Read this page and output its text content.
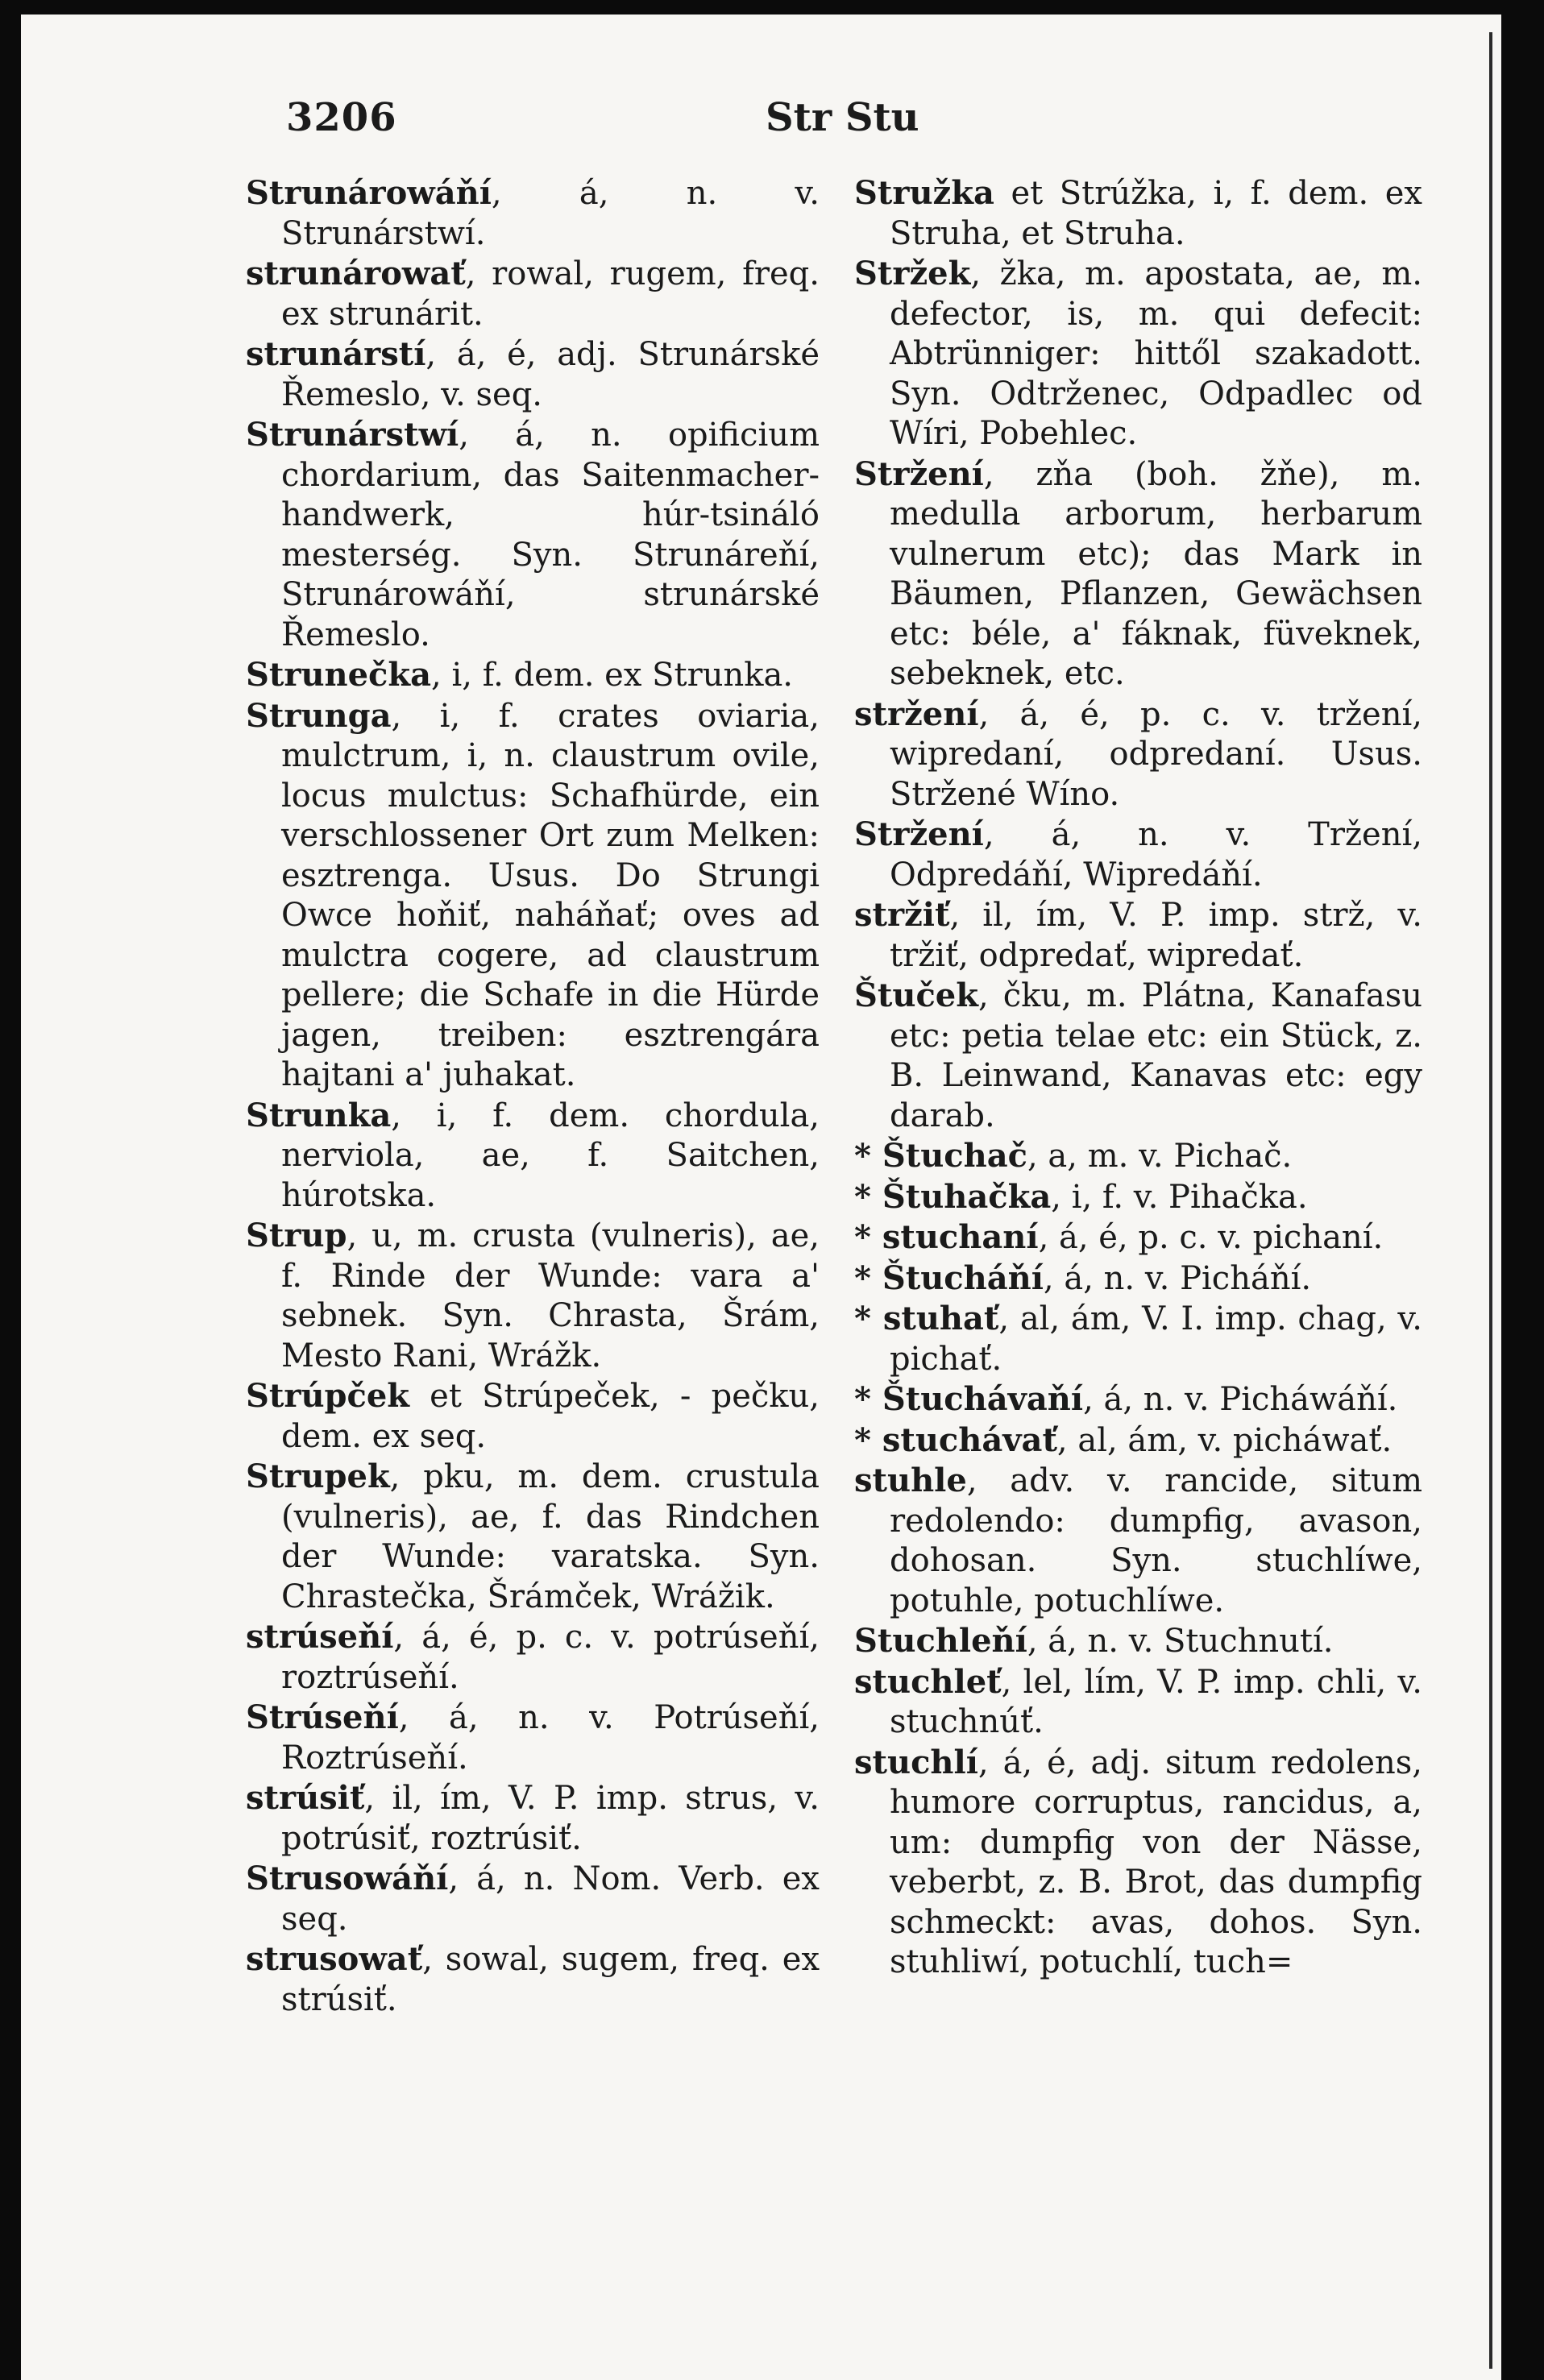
3206	Str Stu

Strunárowáňí, á, n. v. Strunárstwí.

strunárowať, rowal, rugem, freq. ex strunárit.

strunárstí, á, é, adj. Strunárské Řemeslo, v. seq.

Strunárstwí, á, n. opificium chordarium, das Saitenmacher-handwerk, húr-tsináló mesterség. Syn. Strunáreňí, Strunárowáňí, strunárské Řemeslo.

Strunečka, i, f. dem. ex Strunka.

Strunga, i, f. crates oviaria, mulctrum, i, n. claustrum ovile, locus mulctus: Schafhürde, ein verschlossener Ort zum Melken: esztrenga. Usus. Do Strungi Owce hoňiť, naháňať; oves ad mulctra cogere, ad claustrum pellere; die Schafe in die Hürde jagen, treiben: esztrengára hajtani a' juhakat.

Strunka, i, f. dem. chordula, nerviola, ae, f. Saitchen, húrotska.

Strup, u, m. crusta (vulneris), ae, f. Rinde der Wunde: vara a' sebnek. Syn. Chrasta, Šrám, Mesto Rani, Wrážk.

Strúpček et Strúpeček, - pečku, dem. ex seq.

Strupek, pku, m. dem. crustula (vulneris), ae, f. das Rindchen der Wunde: varatska. Syn. Chrastečka, Šrámček, Wrážik.

strúseňí, á, é, p. c. v. potrúseňí, roztrúseňí.

Strúseňí, á, n. v. Potrúseňí, Roztrúseňí.

strúsiť, il, ím, V. P. imp. strus, v. potrúsiť, roztrúsiť.

Strusowáňí, á, n. Nom. Verb. ex seq.

strusowať, sowal, sugem, freq. ex strúsiť.

Stružka et Strúžka, i, f. dem. ex Struha, et Struha.

Stržek, žka, m. apostata, ae, m. defector, is, m. qui defecit: Abtrünniger: hittől szakadott. Syn. Odtrženec, Odpadlec od Wíri, Pobehlec.

Stržení, zňa (boh. žňe), m. medulla arborum, herbarum vulnerum etc); das Mark in Bäumen, Pflanzen, Gewächsen etc: béle, a' fáknak, füveknek, sebeknek, etc.

stržení, á, é, p. c. v. tržení, wipredaní, odpredaní. Usus. Stržené Wíno.

Stržení, á, n. v. Tržení, Odpredáňí, Wipredáňí.

stržiť, il, ím, V. P. imp. strž, v. tržiť, odpredať, wipredať.

Štuček, čku, m. Plátna, Kanafasu etc: petia telae etc: ein Stück, z. B. Leinwand, Kanavas etc: egy darab.

* Štuchač, a, m. v. Pichač.

* Štuhačka, i, f. v. Pihačka.

* stuchaní, á, é, p. c. v. pichaní.

* Štucháňí, á, n. v. Picháňí.

* stuhať, al, ám, V. I. imp. chag, v. pichať.

* Štuchávaňí, á, n. v. Picháwáňí.

* stuchávať, al, ám, v. picháwať.

stuhle, adv. v. rancide, situm redolendo: dumpfig, avason, dohosan. Syn. stuchlíwe, potuhle, potuchlíwe.

Stuchleňí, á, n. v. Stuchnutí.

stuchleť, lel, lím, V. P. imp. chli, v. stuchnúť.

stuchlí, á, é, adj. situm redolens, humore corruptus, rancidus, a, um: dumpfig von der Nässe, veberbt, z. B. Brot, das dumpfig schmeckt: avas, dohos. Syn. stuhliwí, potuchlí, tuch=
